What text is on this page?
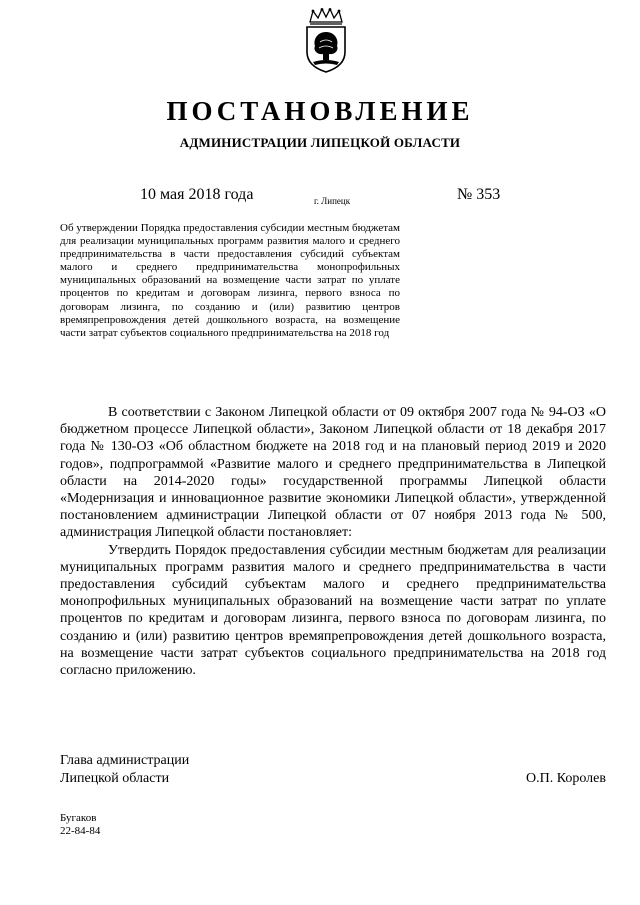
ПОСТАНОВЛЕНИЕ
АДМИНИСТРАЦИИ ЛИПЕЦКОЙ ОБЛАСТИ
10 мая 2018 года	г. Липецк	№ 353
Об утверждении Порядка предоставления субсидии местным бюджетам для реализации муниципальных программ развития малого и среднего предпринимательства в части предоставления субсидий субъектам малого и среднего предпринимательства монопрофильных муниципальных образований на возмещение части затрат по уплате процентов по кредитам и договорам лизинга, первого взноса по договорам лизинга, по созданию и (или) развитию центров времяпрепровождения детей дошкольного возраста, на возмещение части затрат субъектов социального предпринимательства на 2018 год

В соответствии с Законом Липецкой области от 09 октября 2007 года № 94-ОЗ «О бюджетном процессе Липецкой области», Законом Липецкой области от 18 декабря 2017 года № 130-ОЗ «Об областном бюджете на 2018 год и на плановый период 2019 и 2020 годов», подпрограммой «Развитие малого и среднего предпринимательства в Липецкой области на 2014-2020 годы» государственной программы Липецкой области «Модернизация и инновационное развитие экономики Липецкой области», утвержденной постановлением администрации Липецкой области от 07 ноября 2013 года № 500, администрация Липецкой области постановляет:

Утвердить Порядок предоставления субсидии местным бюджетам для реализации муниципальных программ развития малого и среднего предпринимательства в части предоставления субсидий субъектам малого и среднего предпринимательства монопрофильных муниципальных образований на возмещение части затрат по уплате процентов по кредитам и договорам лизинга, первого взноса по договорам лизинга, по созданию и (или) развитию центров времяпрепровождения детей дошкольного возраста, на возмещение части затрат субъектов социального предпринимательства на 2018 год согласно приложению.

Глава администрации
Липецкой области	О.П. Королев
Бугаков
22-84-84
